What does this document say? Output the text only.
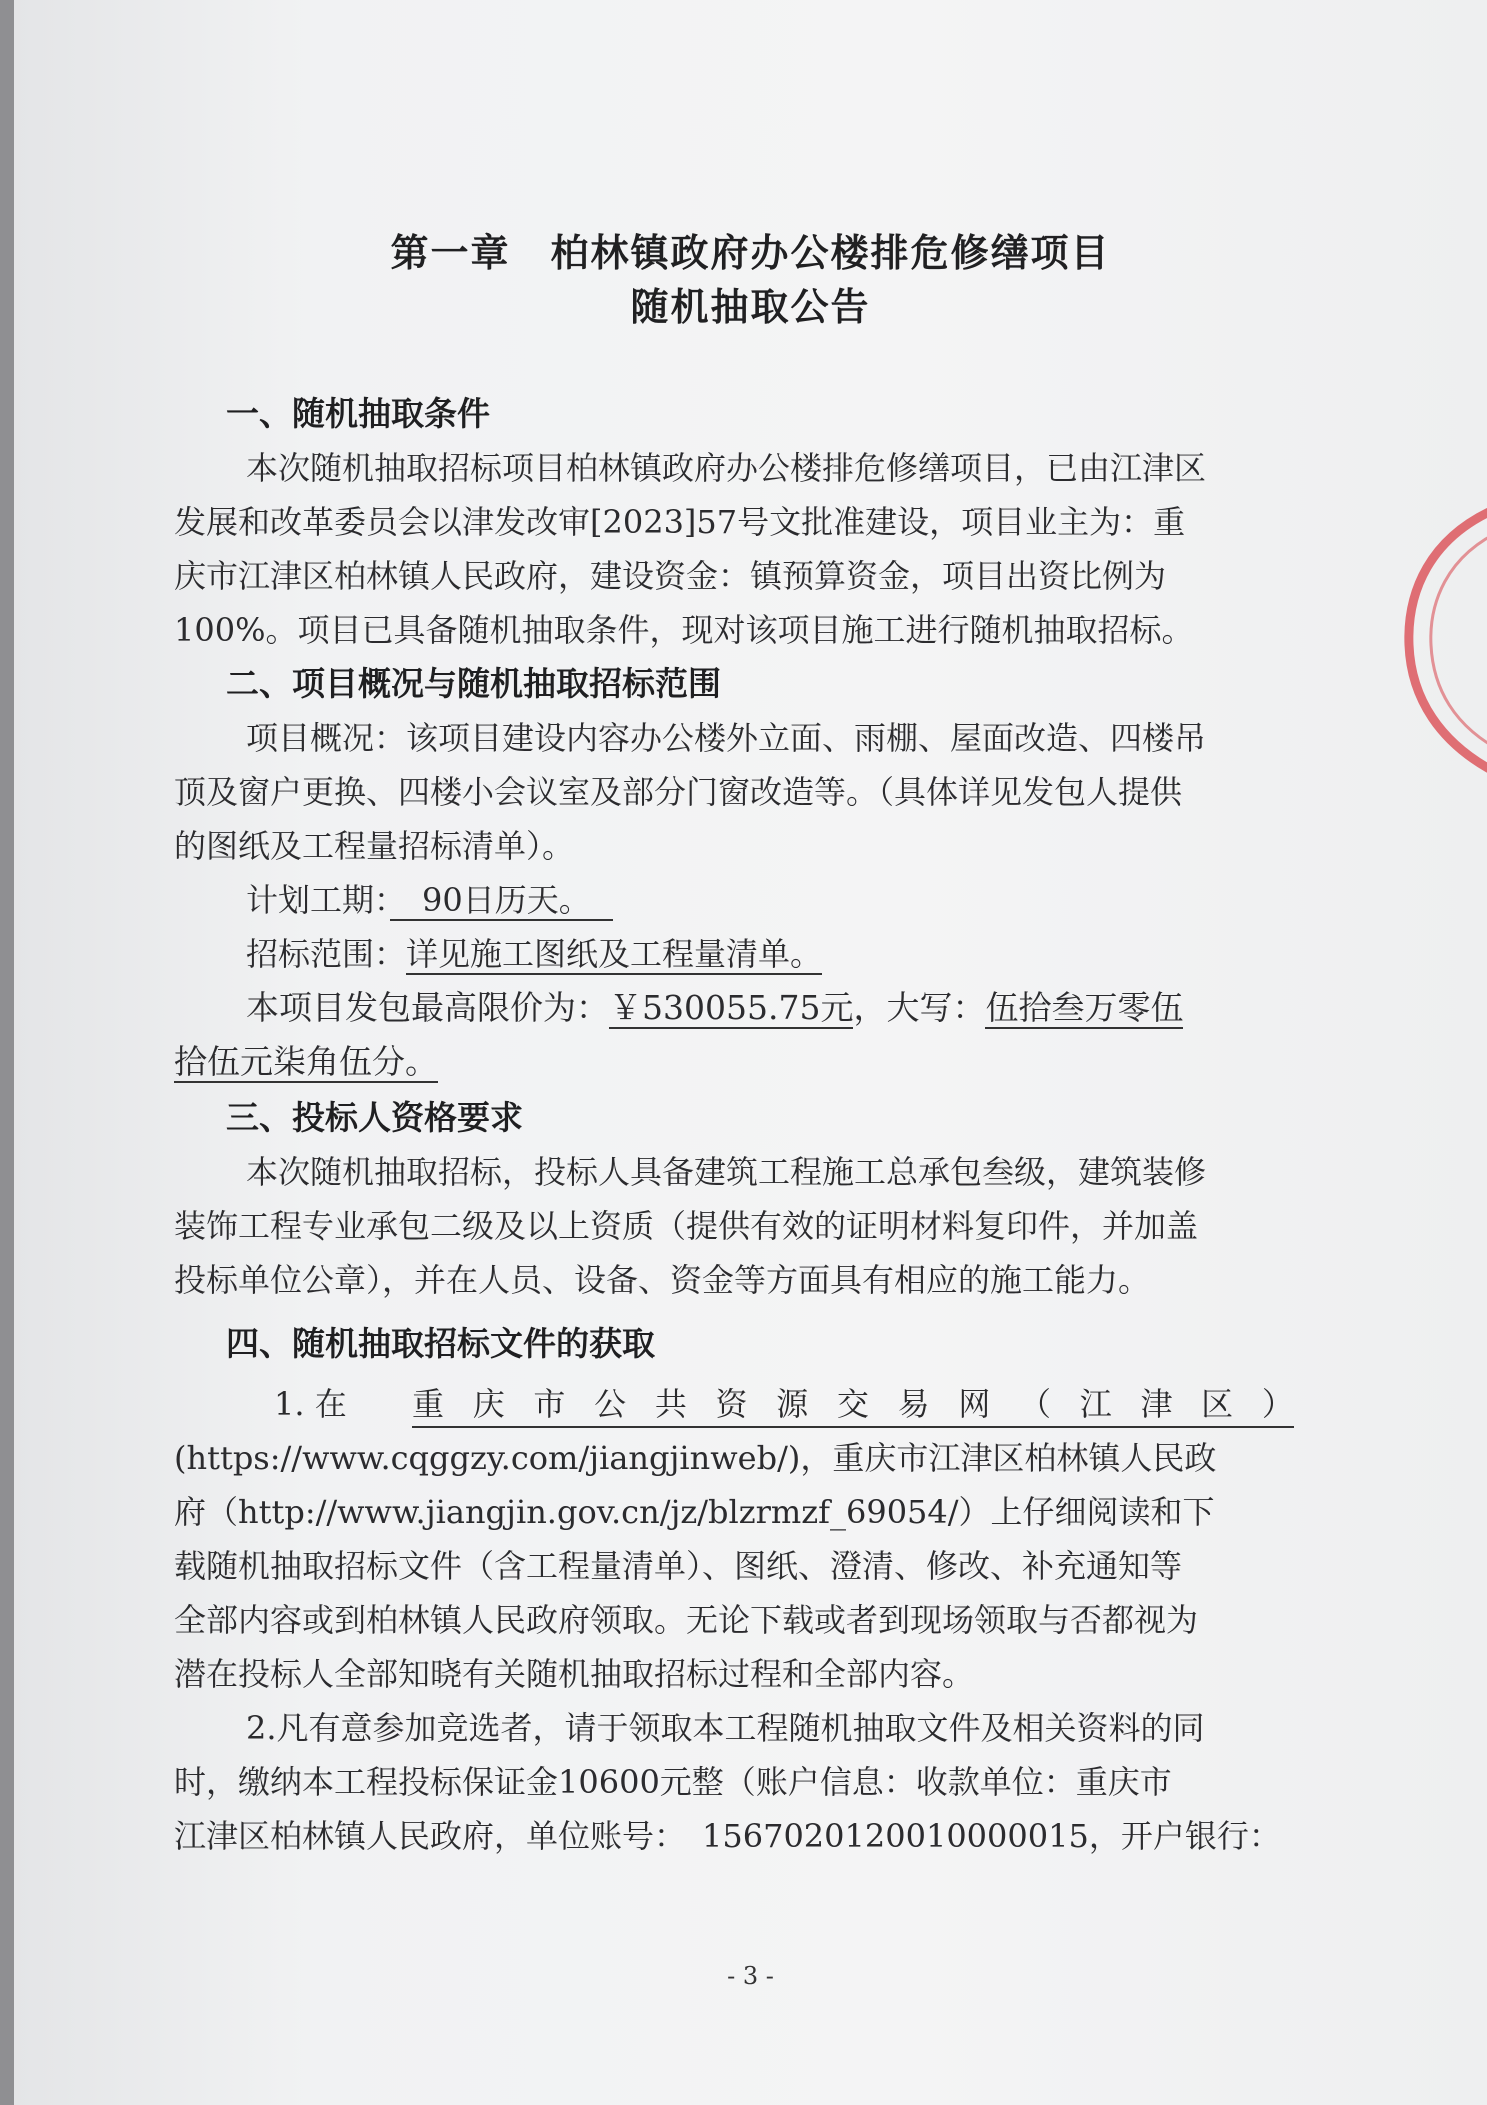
第一章　柏林镇政府办公楼排危修缮项目
随机抽取公告
一、随机抽取条件
本次随机抽取招标项目柏林镇政府办公楼排危修缮项目，已由江津区
发展和改革委员会以津发改审[2023]57号文批准建设，项目业主为：重
庆市江津区柏林镇人民政府，建设资金：镇预算资金，项目出资比例为
100%。项目已具备随机抽取条件，现对该项目施工进行随机抽取招标。
二、项目概况与随机抽取招标范围
项目概况：该项目建设内容办公楼外立面、雨棚、屋面改造、四楼吊
顶及窗户更换、四楼小会议室及部分门窗改造等。（具体详见发包人提供
的图纸及工程量招标清单）。
计划工期：　90日历天。
招标范围：详见施工图纸及工程量清单。
本项目发包最高限价为：￥530055.75元，大写：伍拾叁万零伍
拾伍元柒角伍分。
三、投标人资格要求
本次随机抽取招标，投标人具备建筑工程施工总承包叁级，建筑装修
装饰工程专业承包二级及以上资质（提供有效的证明材料复印件，并加盖
投标单位公章），并在人员、设备、资金等方面具有相应的施工能力。
四、随机抽取招标文件的获取
1. 在 重 庆 市 公 共 资 源 交 易 网 （ 江 津 区 ）
(https://www.cqggzy.com/jiangjinweb/)，重庆市江津区柏林镇人民政
府（http://www.jiangjin.gov.cn/jz/blzrmzf_69054/）上仔细阅读和下
载随机抽取招标文件（含工程量清单）、图纸、澄清、修改、补充通知等
全部内容或到柏林镇人民政府领取。无论下载或者到现场领取与否都视为
潜在投标人全部知晓有关随机抽取招标过程和全部内容。
2.凡有意参加竞选者，请于领取本工程随机抽取文件及相关资料的同
时，缴纳本工程投标保证金10600元整（账户信息：收款单位：重庆市
江津区柏林镇人民政府，单位账号：　1567020120010000015，开户银行：
- 3 -
